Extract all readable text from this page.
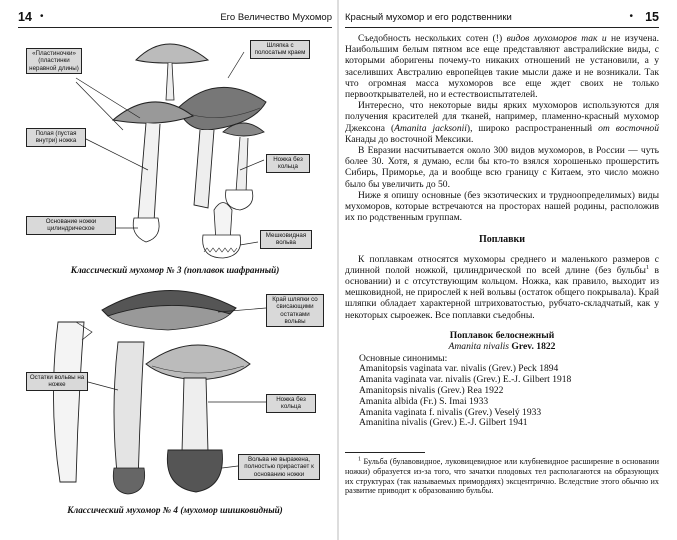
14 •	Его Величество Мухомор
«Пластиночки» (пластинки неравной длины)
Шляпка с полосатым краем
Полая (пустая внутри) ножка
Ножка без кольца
Основание ножки цилиндрическое
Мешковидная вольва
Классический мухомор № 3 (поплавок шафранный)
Край шляпки со свисающими остатками вольвы
Остатки вольвы на ножке
Ножка без кольца
Вольва не выражена, полностью прирастает к основанию ножки
Классический мухомор № 4 (мухомор шишковидный)
Красный мухомор и его родственники	• 15

Съедобность нескольких сотен (!) видов мухоморов так и не изучена. Наибольшим белым пятном все еще представляют австралийские виды, с которыми аборигены почему-то никаких отношений не установили, а у заселивших Австралию европейцев такие мысли даже и не возникали. Так что огромная масса мухоморов все еще ждет своих не только первооткрывателей, но и естествоиспытателей.

Интересно, что некоторые виды ярких мухоморов используются для получения красителей для тканей, например, пламенно-красный мухомор Джексона (Amanita jacksonii), широко распространенный от восточной Канады до восточной Мексики.

В Евразии насчитывается около 300 видов мухоморов, в России — чуть более 30. Хотя, я думаю, если бы кто-то взялся хорошенько прошерстить Сибирь, Приморье, да и вообще всю границу с Китаем, это число можно было бы увеличить до 50.

Ниже я опишу основные (без экзотических и трудноопределимых) виды мухоморов, которые встречаются на просторах нашей родины, расположив их по родственным группам.

Поплавки

К поплавкам относятся мухоморы среднего и маленького размеров с длинной полой ножкой, цилиндрической по всей длине (без бульбы$^1$ в основании) и с отсутствующим кольцом. Ножка, как правило, выходит из мешковидной, не прирослей к ней вольвы (остаток общего покрывала). Край шляпки обладает характерной штриховатостью, рубчато-складчатый, как у некоторых сыроежек. Все поплавки съедобны.

Поплавок белоснежный
Amanita nivalis Grev. 1822
Основные синонимы:
Amanitopsis vaginata var. nivalis (Grev.) Peck 1894
Amanita vaginata var. nivalis (Grev.) E.-J. Gilbert 1918
Amanitopsis nivalis (Grev.) Rea 1922
Amanita albida (Fr.) S. Imai 1933
Amanita vaginata f. nivalis (Grev.) Veselý 1933
Amanitina nivalis (Grev.) E.-J. Gilbert 1941
$^1$ Бульба (булавовидное, луковицевидное или клубневидное расширение в основании ножки) образуется из-за того, что зачатки плодовых тел располагаются на образующих их структурах (так называемых примордиях) эксцентрично. Вследствие этого обычно их развитие приводит к образованию бульбы.
